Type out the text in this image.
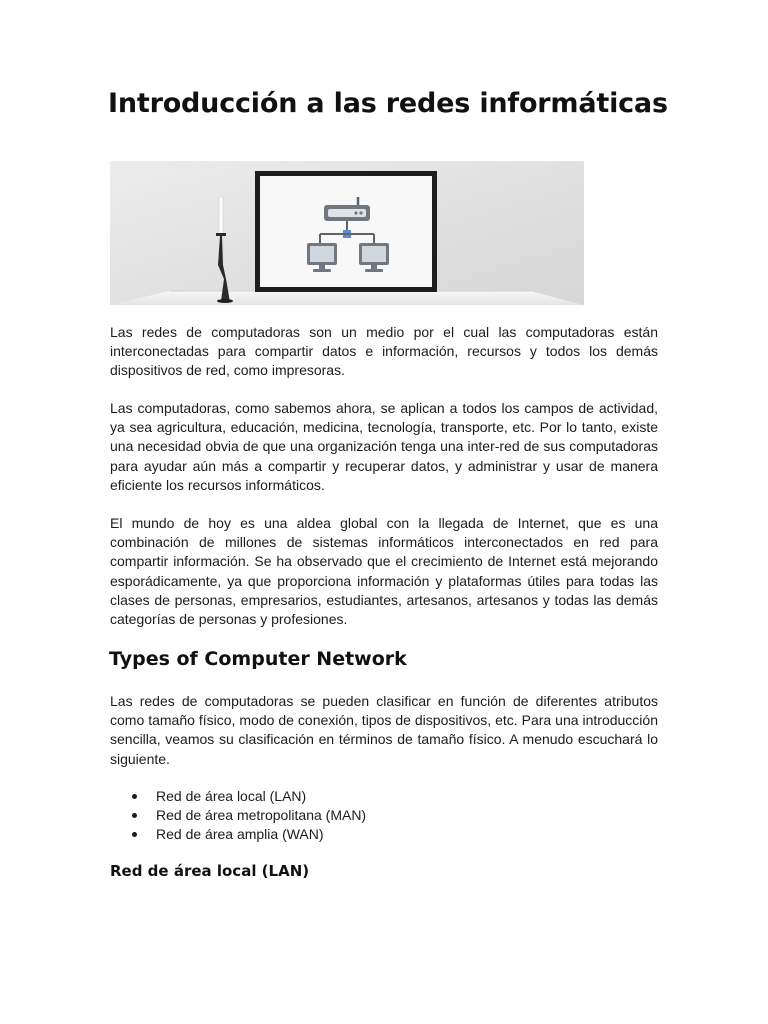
Introducción a las redes informáticas

Las redes de computadoras son un medio por el cual las computadoras están interconectadas para compartir datos e información, recursos y todos los demás dispositivos de red, como impresoras.

Las computadoras, como sabemos ahora, se aplican a todos los campos de actividad, ya sea agricultura, educación, medicina, tecnología, transporte, etc. Por lo tanto, existe una necesidad obvia de que una organización tenga una inter-red de sus computadoras para ayudar aún más a compartir y recuperar datos, y administrar y usar de manera eficiente los recursos informáticos.

El mundo de hoy es una aldea global con la llegada de Internet, que es una combinación de millones de sistemas informáticos interconectados en red para compartir información. Se ha observado que el crecimiento de Internet está mejorando esporádicamente, ya que proporciona información y plataformas útiles para todas las clases de personas, empresarios, estudiantes, artesanos, artesanos y todas las demás categorías de personas y profesiones.

Types of Computer Network

Las redes de computadoras se pueden clasificar en función de diferentes atributos como tamaño físico, modo de conexión, tipos de dispositivos, etc. Para una introducción sencilla, veamos su clasificación en términos de tamaño físico. A menudo escuchará lo siguiente.

Red de área local (LAN)
Red de área metropolitana (MAN)
Red de área amplia (WAN)
Red de área local (LAN)
